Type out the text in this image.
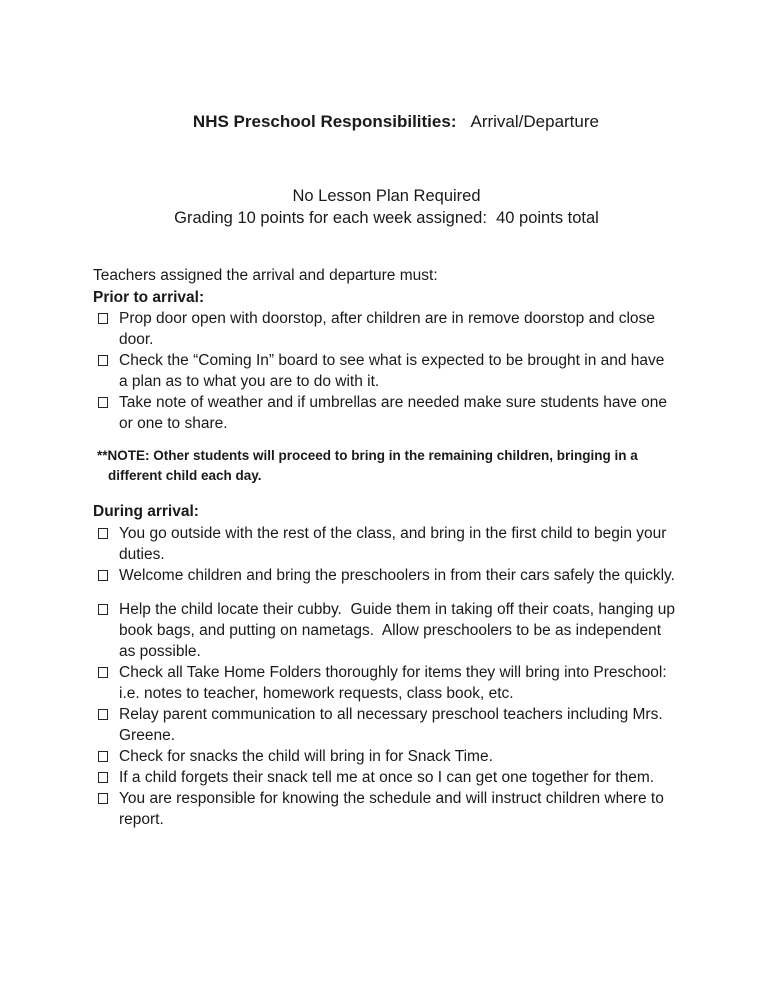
NHS Preschool Responsibilities: Arrival/Departure

No Lesson Plan Required
Grading 10 points for each week assigned:  40 points total

Teachers assigned the arrival and departure must:

Prior to arrival:
Prop door open with doorstop, after children are in remove doorstop and close door.
Check the “Coming In” board to see what is expected to be brought in and have a plan as to what you are to do with it.
Take note of weather and if umbrellas are needed make sure students have one or one to share.

**NOTE: Other students will proceed to bring in the remaining children, bringing in a different child each day.

During arrival:
You go outside with the rest of the class, and bring in the first child to begin your duties.
Welcome children and bring the preschoolers in from their cars safely the quickly.
Help the child locate their cubby.  Guide them in taking off their coats, hanging up book bags, and putting on nametags.  Allow preschoolers to be as independent as possible.
Check all Take Home Folders thoroughly for items they will bring into Preschool: i.e. notes to teacher, homework requests, class book, etc.
Relay parent communication to all necessary preschool teachers including Mrs. Greene.
Check for snacks the child will bring in for Snack Time.
If a child forgets their snack tell me at once so I can get one together for them.
You are responsible for knowing the schedule and will instruct children where to report.
